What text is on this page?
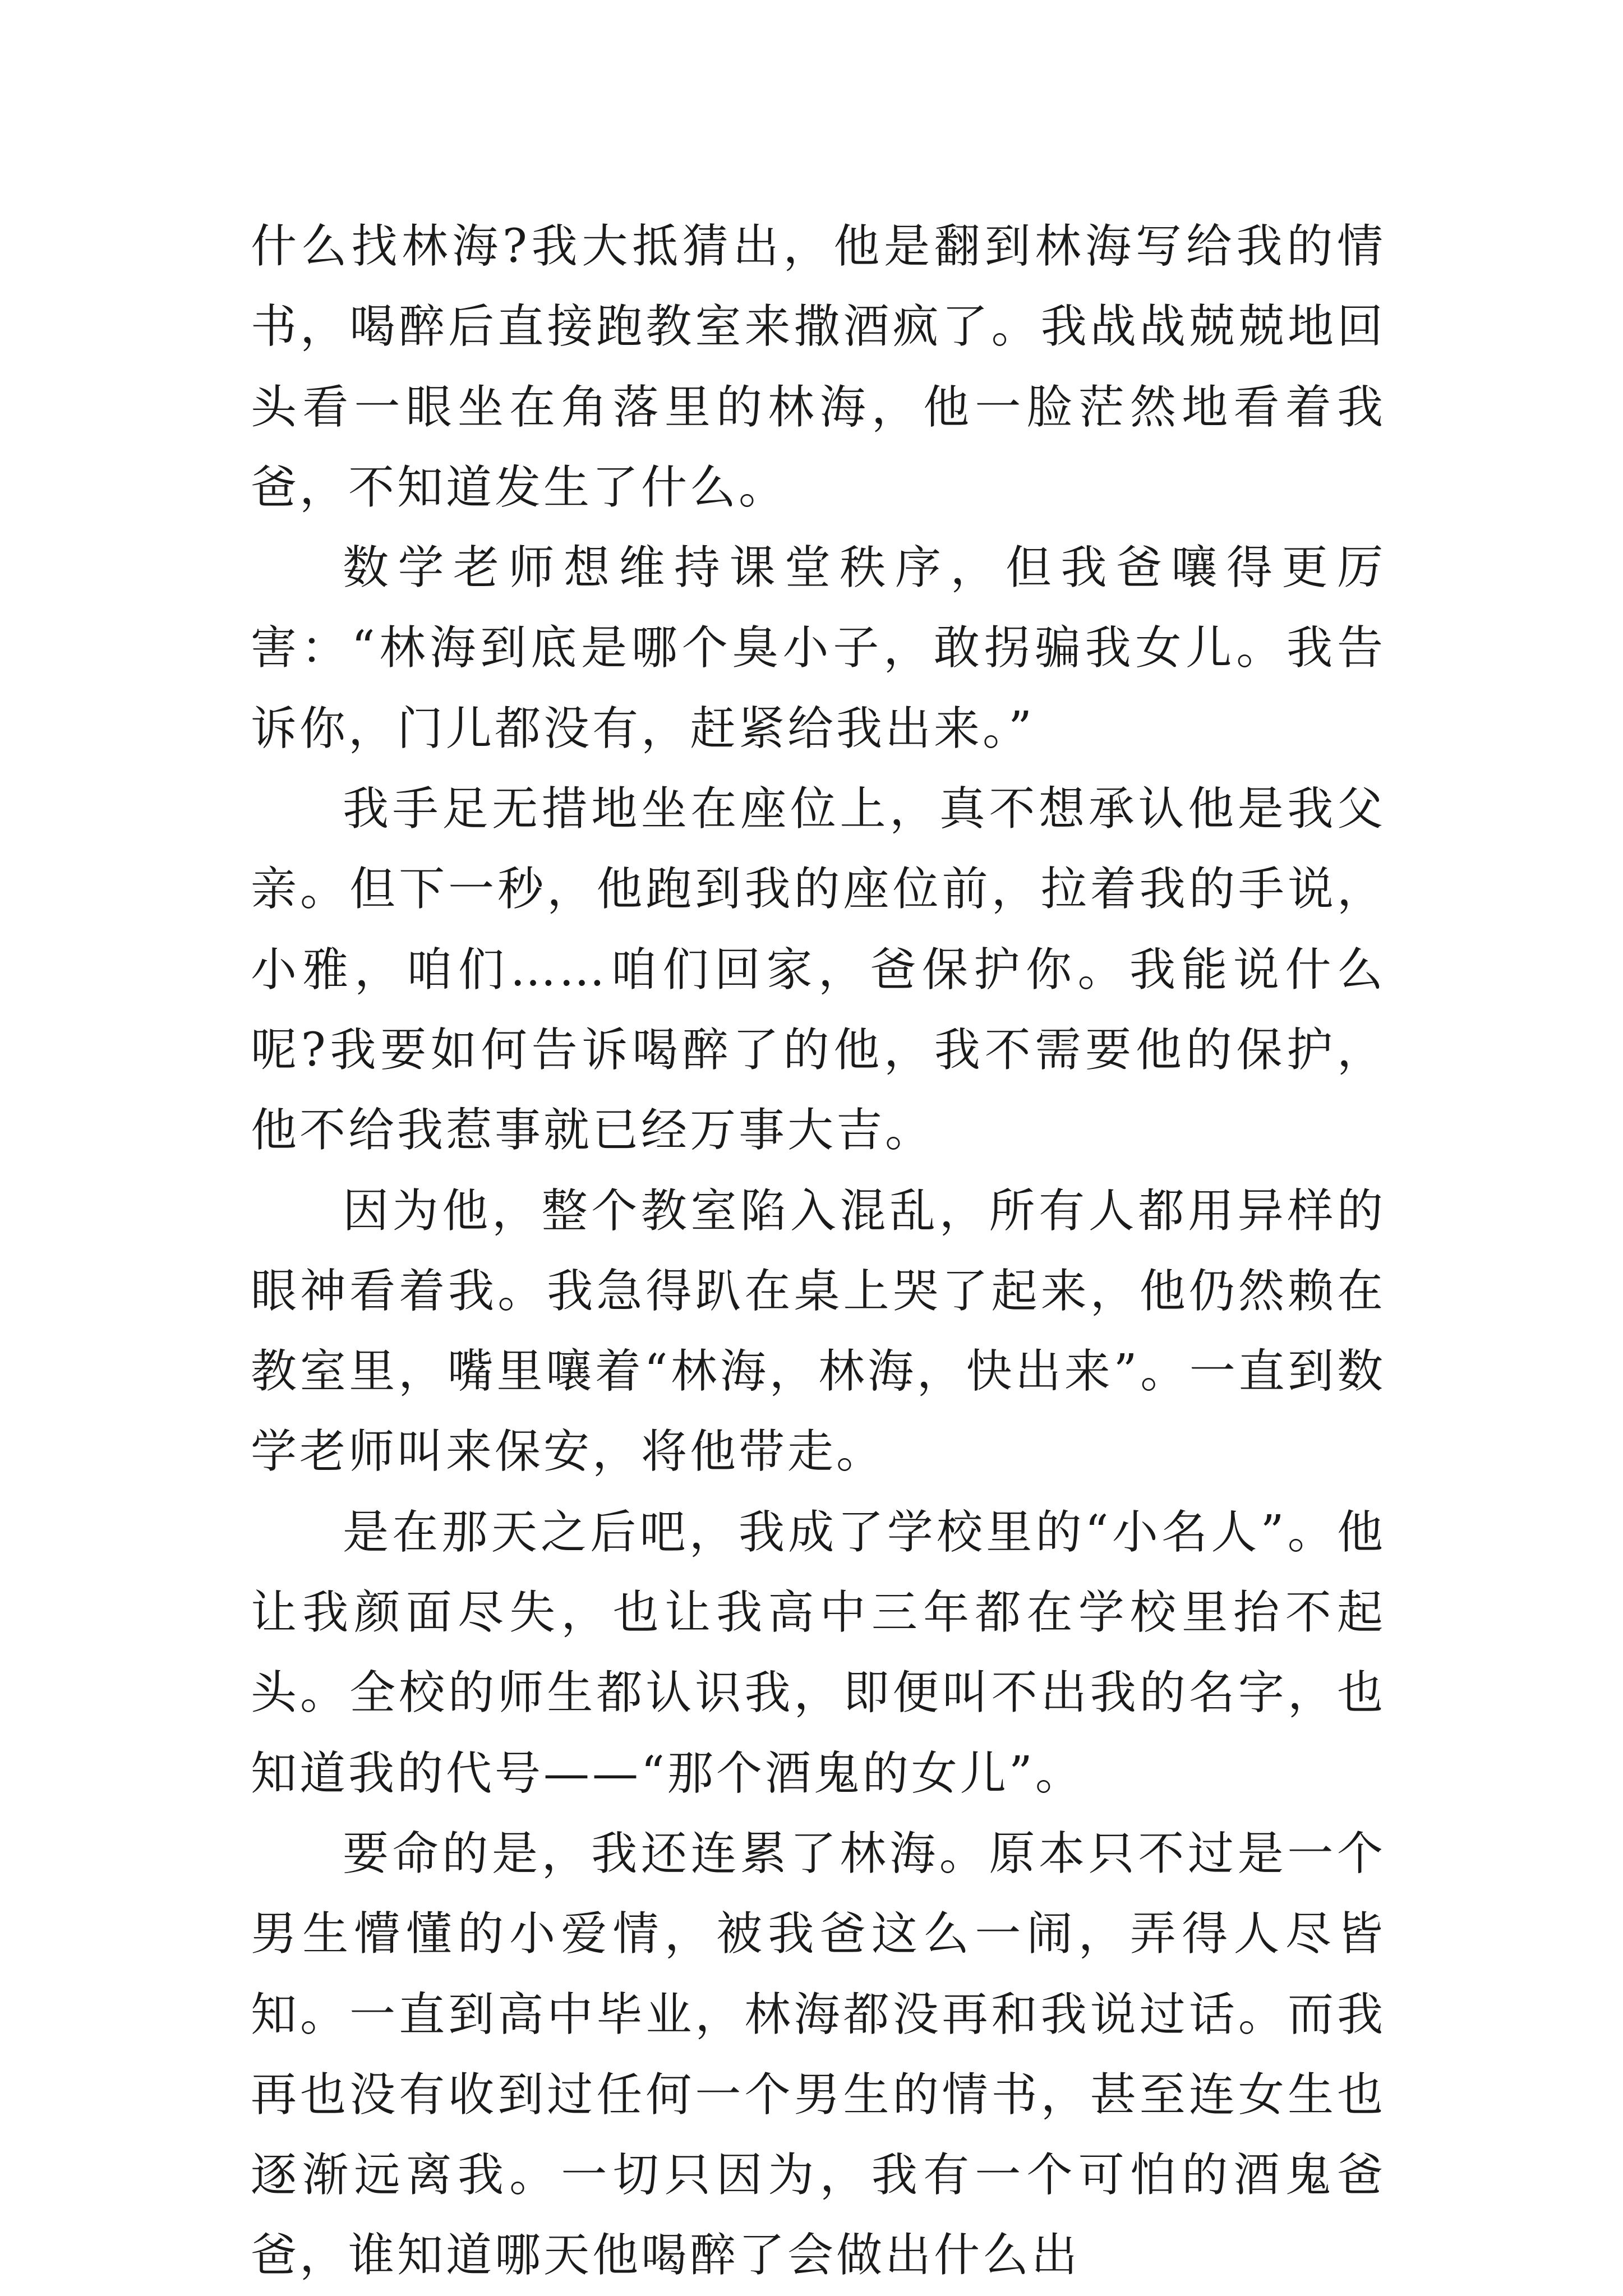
什么找林海?我大抵猜出，他是翻到林海写给我的情书，喝醉后直接跑教室来撒酒疯了。我战战兢兢地回头看一眼坐在角落里的林海，他一脸茫然地看着我爸，不知道发生了什么。

数学老师想维持课堂秩序，但我爸嚷得更厉害：“林海到底是哪个臭小子，敢拐骗我女儿。我告诉你，门儿都没有，赶紧给我出来。”

我手足无措地坐在座位上，真不想承认他是我父亲。但下一秒，他跑到我的座位前，拉着我的手说，小雅，咱们……咱们回家，爸保护你。我能说什么呢?我要如何告诉喝醉了的他，我不需要他的保护，他不给我惹事就已经万事大吉。

因为他，整个教室陷入混乱，所有人都用异样的眼神看着我。我急得趴在桌上哭了起来，他仍然赖在教室里，嘴里嚷着“林海，林海，快出来”。一直到数学老师叫来保安，将他带走。

是在那天之后吧，我成了学校里的“小名人”。他让我颜面尽失，也让我高中三年都在学校里抬不起头。全校的师生都认识我，即便叫不出我的名字，也知道我的代号——“那个酒鬼的女儿”。

要命的是，我还连累了林海。原本只不过是一个男生懵懂的小爱情，被我爸这么一闹，弄得人尽皆知。一直到高中毕业，林海都没再和我说过话。而我再也没有收到过任何一个男生的情书，甚至连女生也逐渐远离我。一切只因为，我有一个可怕的酒鬼爸爸，谁知道哪天他喝醉了会做出什么出
